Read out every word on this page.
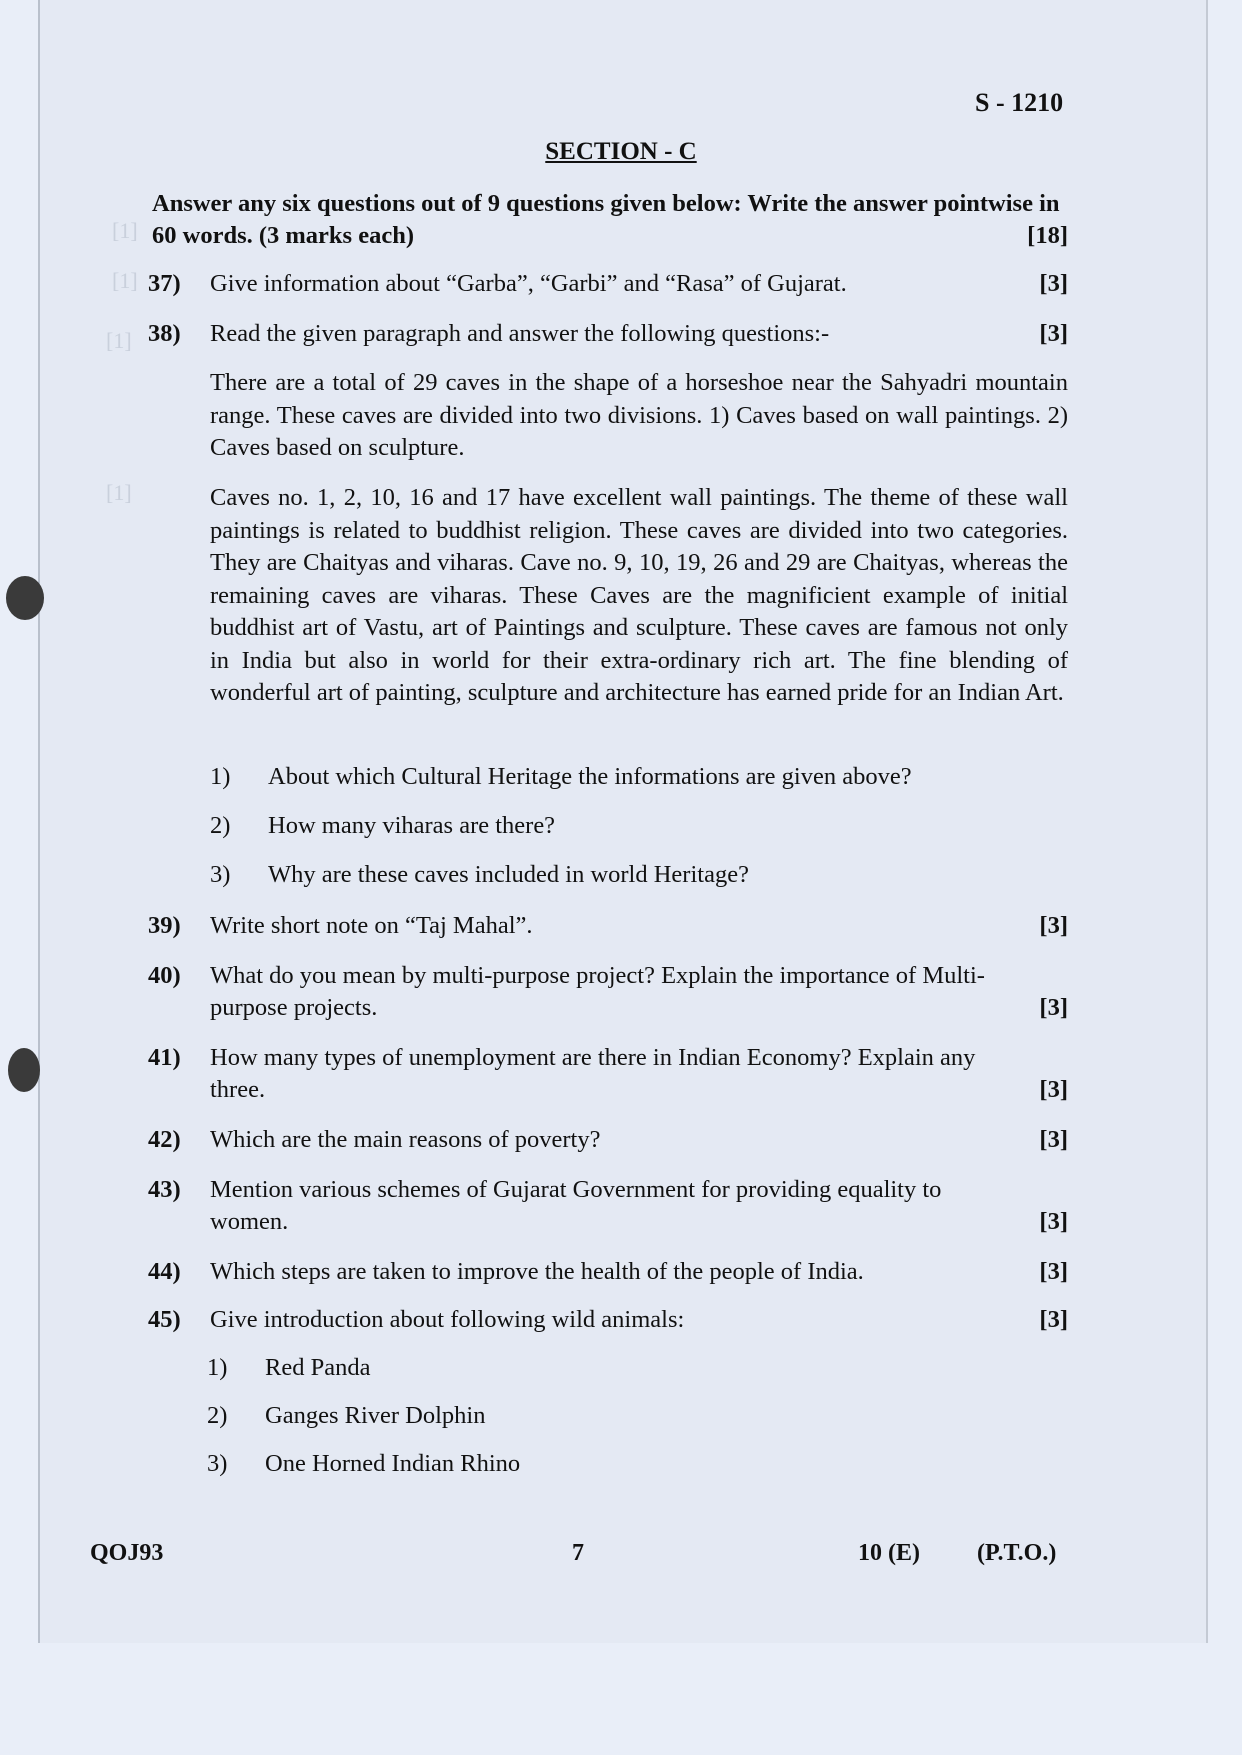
[1]
[1]
[1]
[1]
S - 1210
SECTION - C
Answer any six questions out of 9 questions given below: Write the answer pointwise in 60 words. (3 marks each)	[18]
37) Give information about “Garba”, “Garbi” and “Rasa” of Gujarat.	[3]
38) Read the given paragraph and answer the following questions:-	[3]
There are a total of 29 caves in the shape of a horseshoe near the Sahyadri mountain range. These caves are divided into two divisions. 1) Caves based on wall paintings. 2) Caves based on sculpture.
Caves no. 1, 2, 10, 16 and 17 have excellent wall paintings. The theme of these wall paintings is related to buddhist religion. These caves are divided into two categories. They are Chaityas and viharas. Cave no. 9, 10, 19, 26 and 29 are Chaityas, whereas the remaining caves are viharas. These Caves are the magnificient example of initial buddhist art of Vastu, art of Paintings and sculpture. These caves are famous not only in India but also in world for their extra-ordinary rich art. The fine blending of wonderful art of painting, sculpture and architecture has earned pride for an Indian Art.
1) About which Cultural Heritage the informations are given above?
2) How many viharas are there?
3) Why are these caves included in world Heritage?
39) Write short note on “Taj Mahal”.	[3]
40) What do you mean by multi-purpose project? Explain the importance of Multi-purpose projects.	[3]
41) How many types of unemployment are there in Indian Economy? Explain any three.	[3]
42) Which are the main reasons of poverty?	[3]
43) Mention various schemes of Gujarat Government for providing equality to women.	[3]
44) Which steps are taken to improve the health of the people of India.	[3]
45) Give introduction about following wild animals:	[3]
1) Red Panda
2) Ganges River Dolphin
3) One Horned Indian Rhino
QOJ93	7	10 (E) (P.T.O.)
